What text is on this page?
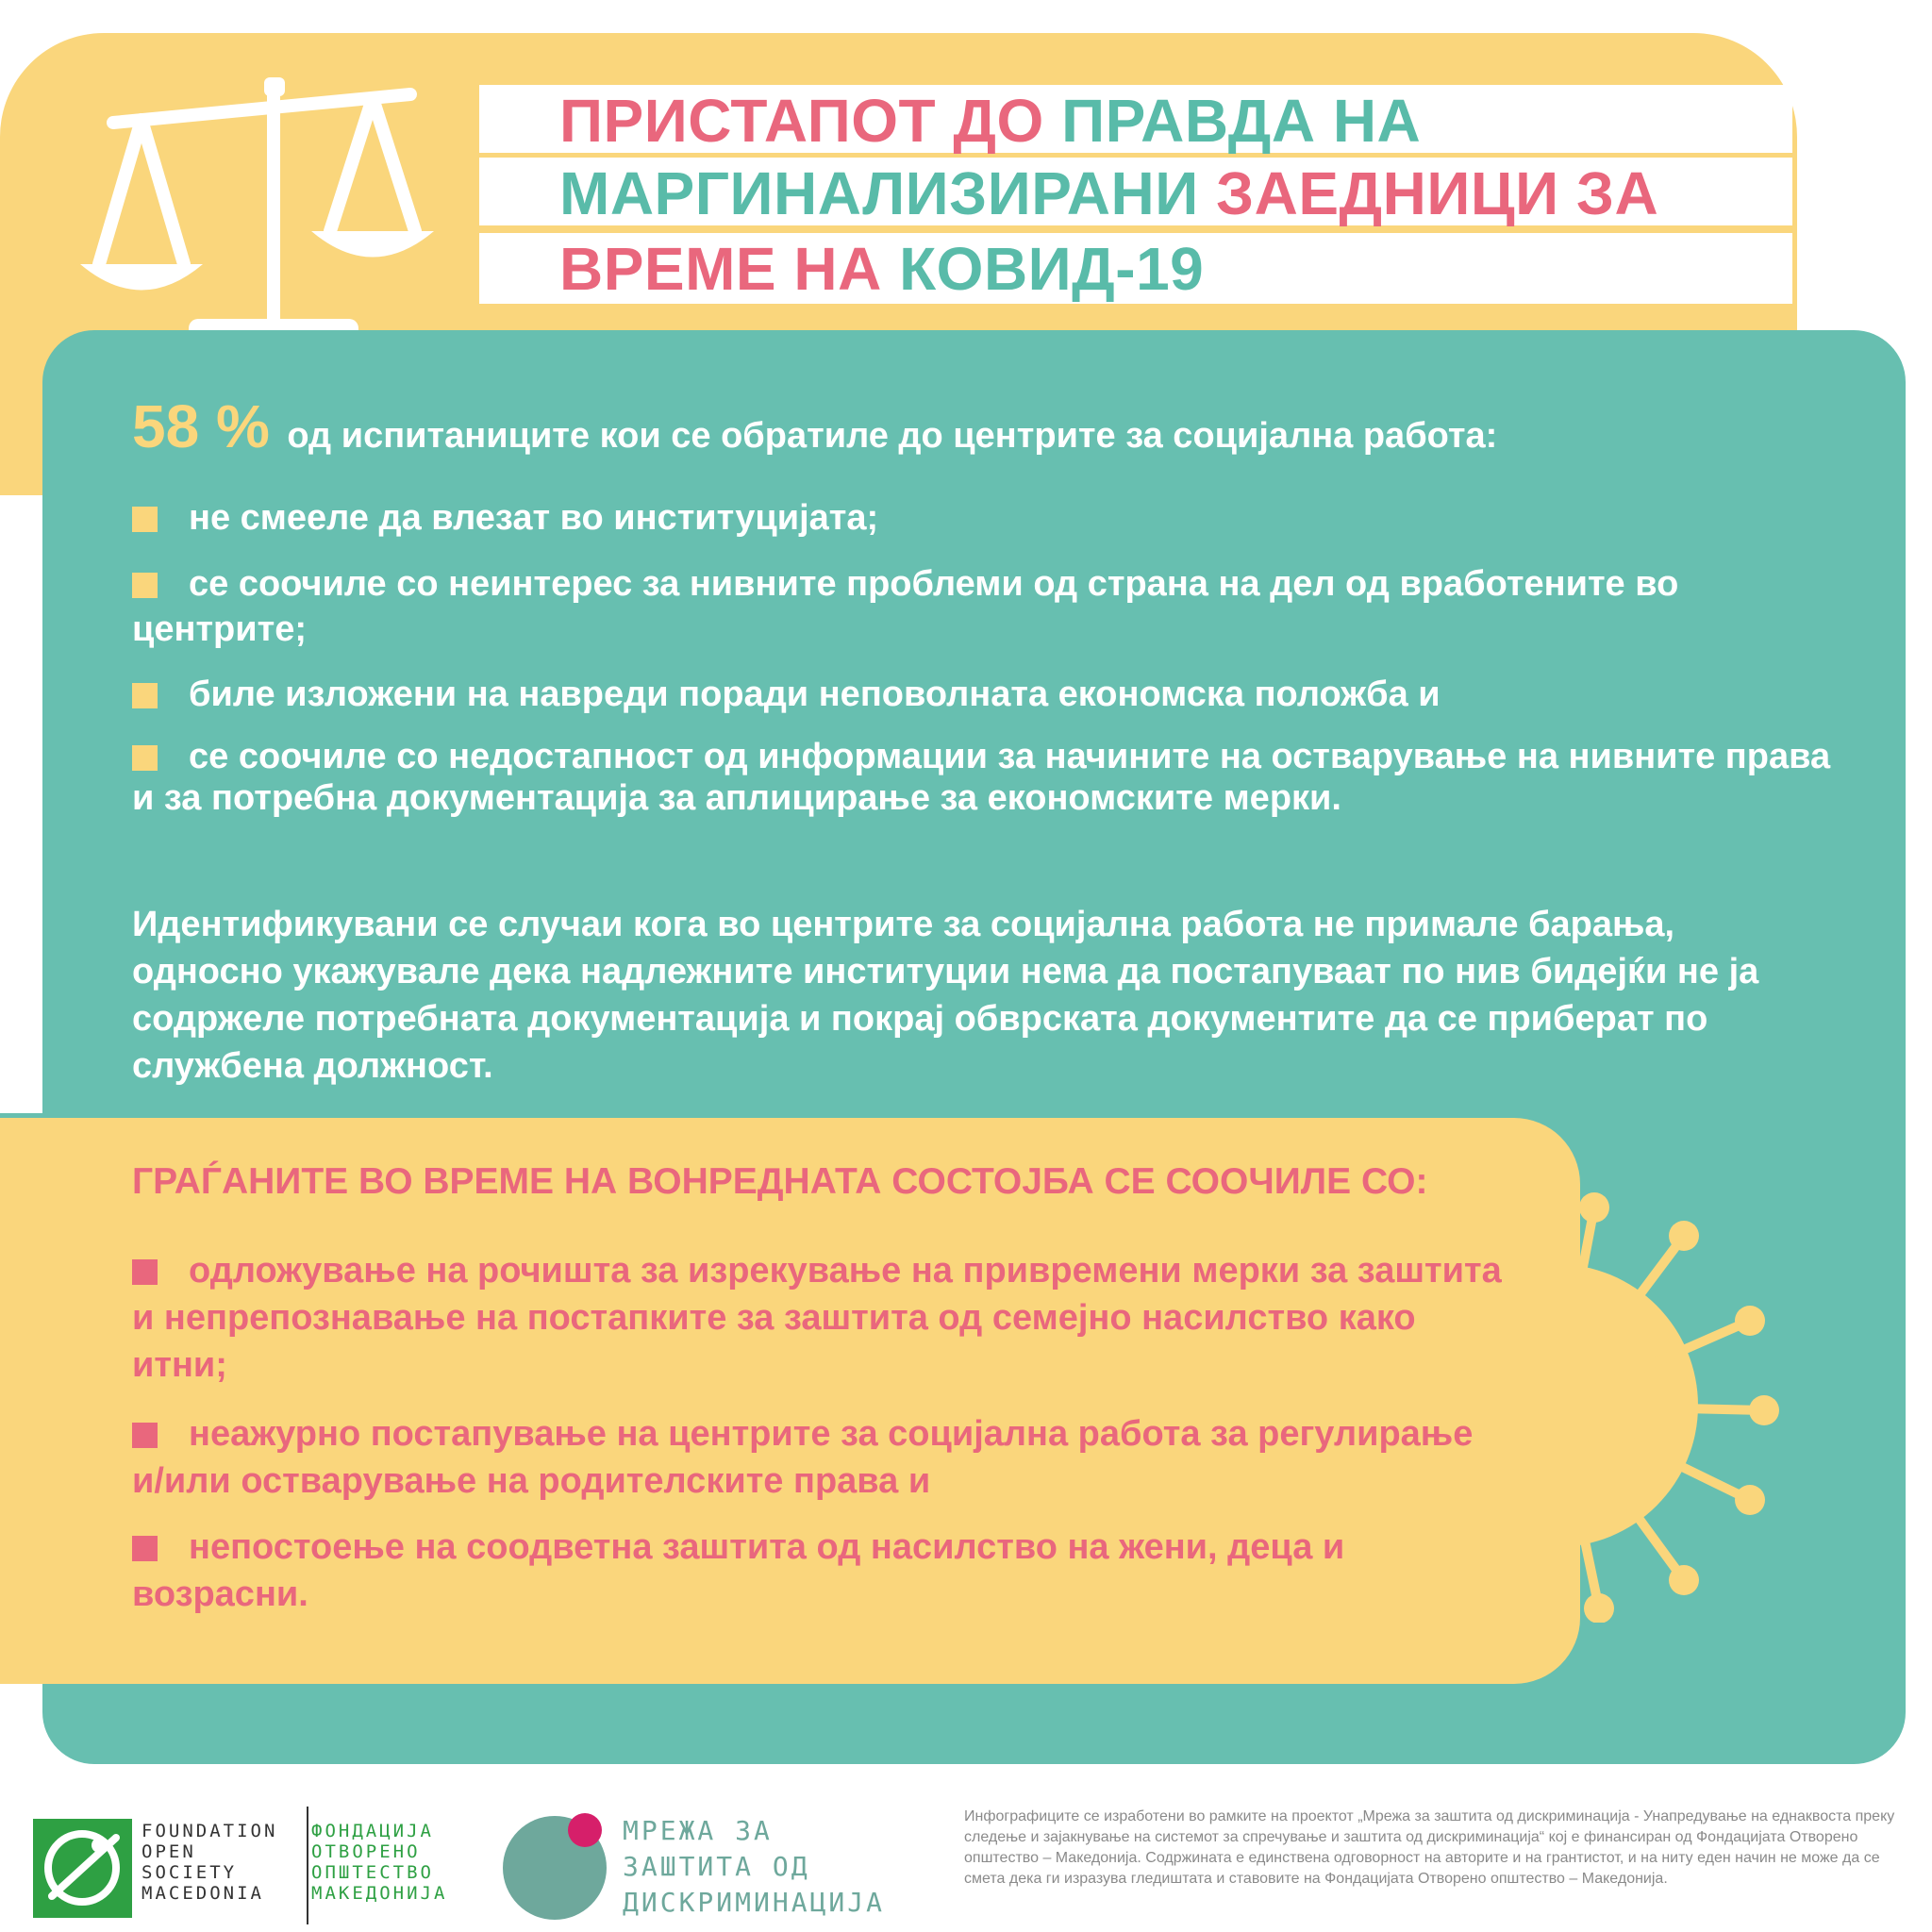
ПРИСТАПОТ ДО ПРАВДА НА
МАРГИНАЛИЗИРАНИ ЗАЕДНИЦИ ЗА
ВРЕМЕ НА КОВИД-19
58 % од испитаниците кои се обратиле до центрите за социјална работа:
не смееле да влезат во институцијата;
се соочиле со неинтерес за нивните проблеми од страна на дел од вработените во центрите;
биле изложени на навреди поради неповолната економска положба и
се соочиле со недостапност од информации за начините на остварување на нивните права и за потребна документација за аплицирање за економските мерки.
Идентификувани се случаи кога во центрите за социјална работа не примале барања, односно укажувале дека надлежните институции нема да постапуваат по нив бидејќи не ја содржеле потребната документација и покрај обврската документите да се приберат по службена должност.
ГРАЃАНИТЕ ВО ВРЕМЕ НА ВОНРЕДНАТА СОСТОЈБА СЕ СООЧИЛЕ СО:
одложување на рочишта за изрекување на привремени мерки за заштита и непрепознавање на постапките за заштита од семејно насилство како итни;
неажурно постапување на центрите за социјална работа за регулирање и/или остварување на родителските права и
непостоење на соодветна заштита од насилство на жени, деца и возрасни.
FOUNDATION
OPEN
SOCIETY
MACEDONIA
ФОНДАЦИЈА
ОТВОРЕНО
ОПШТЕСТВО
МАКЕДОНИЈА
МРЕЖА ЗА
ЗАШТИТА ОД
ДИСКРИМИНАЦИЈА
Инфографиците се изработени во рамките на проектот „Мрежа за заштита од дискриминација - Унапредување на еднаквоста преку следење и зајакнување на системот за спречување и заштита од дискриминација“ кој е финансиран од Фондацијата Отворено општество – Македонија. Содржината е единствена одговорност на авторите и на грантистот, и на ниту еден начин не може да се смета дека ги изразува гледиштата и ставовите на Фондацијата Отворено општество – Македонија.
